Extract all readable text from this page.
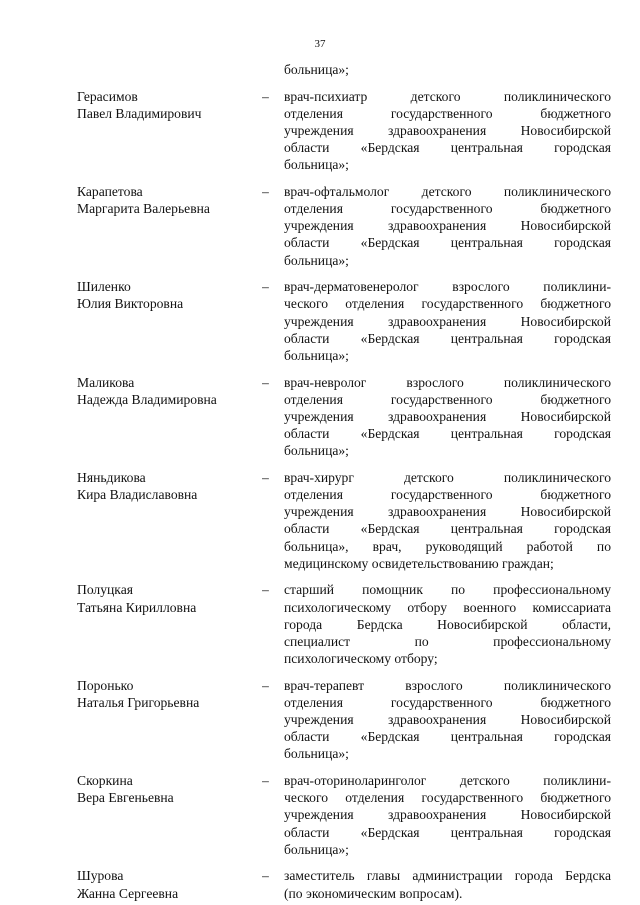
37
больница»;
Герасимов
Павел Владимирович
–	врач-психиатр детского поликлинического
отделения государственного бюджетного
учреждения здравоохранения Новосибирской
области «Бердская центральная городская
больница»;
Карапетова
Маргарита Валерьевна
–	врач-офтальмолог детского поликлинического
отделения государственного бюджетного
учреждения здравоохранения Новосибирской
области «Бердская центральная городская
больница»;
Шиленко
Юлия Викторовна
–	врач-дерматовенеролог взрослого поликлини-
ческого отделения государственного бюджетного
учреждения здравоохранения Новосибирской
области «Бердская центральная городская
больница»;
Маликова
Надежда Владимировна
–	врач-невролог взрослого поликлинического
отделения государственного бюджетного
учреждения здравоохранения Новосибирской
области «Бердская центральная городская
больница»;
Няньдикова
Кира Владиславовна
–	врач-хирург детского поликлинического
отделения государственного бюджетного
учреждения здравоохранения Новосибирской
области «Бердская центральная городская
больница», врач, руководящий работой по
медицинскому освидетельствованию граждан;
Полуцкая
Татьяна Кирилловна
–	старший помощник по профессиональному
психологическому отбору военного комиссариата
города Бердска Новосибирской области,
специалист по профессиональному
психологическому отбору;
Поронько
Наталья Григорьевна
–	врач-терапевт взрослого поликлинического
отделения государственного бюджетного
учреждения здравоохранения Новосибирской
области «Бердская центральная городская
больница»;
Скоркина
Вера Евгеньевна
–	врач-оториноларинголог детского поликлини-
ческого отделения государственного бюджетного
учреждения здравоохранения Новосибирской
области «Бердская центральная городская
больница»;
Шурова
Жанна Сергеевна
–	заместитель главы администрации города Бердска
(по экономическим вопросам).
